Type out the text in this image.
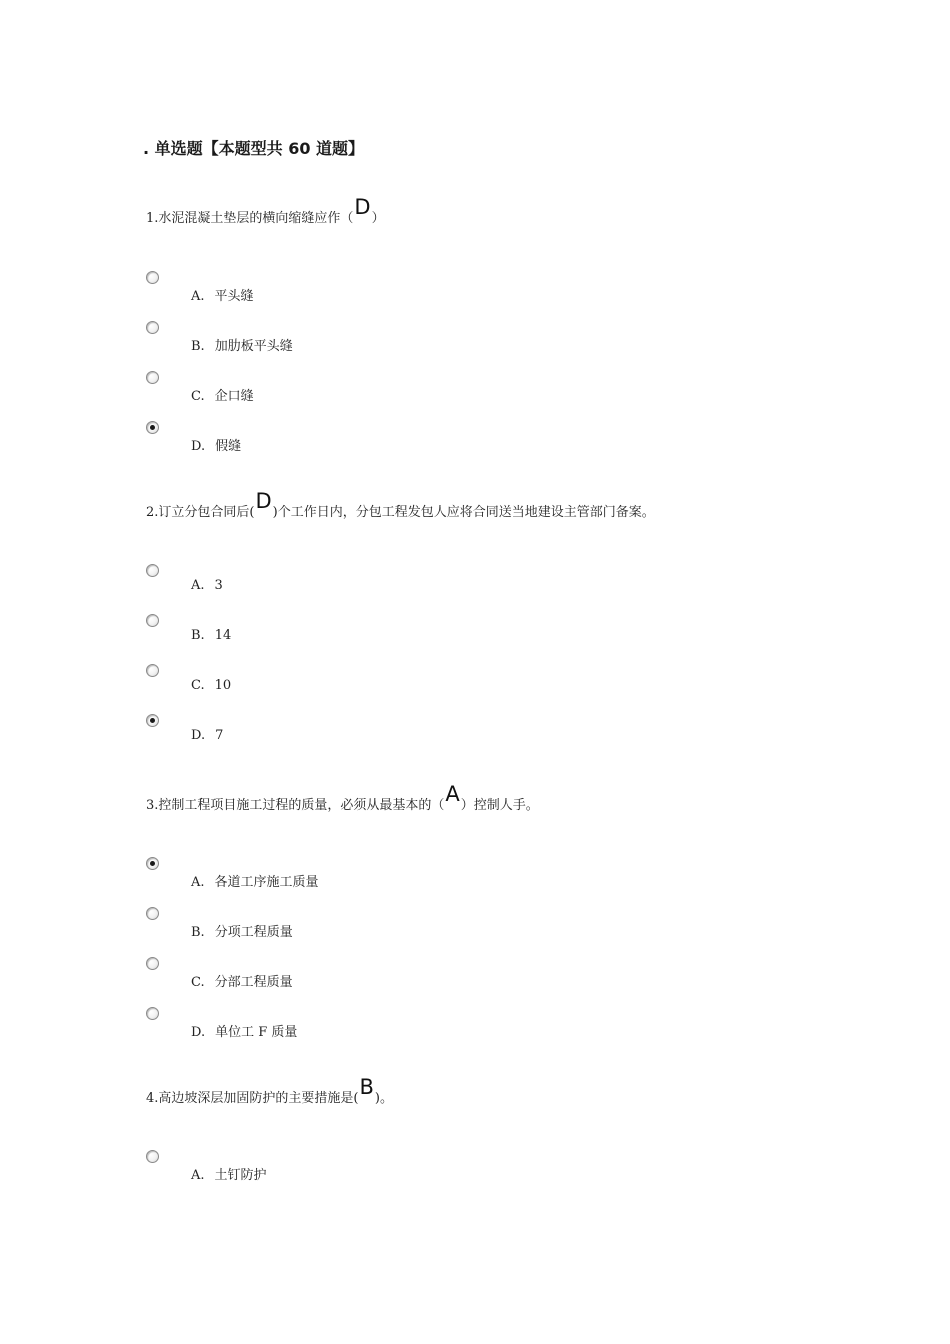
. 单选题【本题型共 60 道题】
1.水泥混凝土垫层的横向缩缝应作（D）
A. 平头缝
B. 加肋板平头缝
C. 企口缝
D. 假缝
2.订立分包合同后(D)个工作日内，分包工程发包人应将合同送当地建设主管部门备案。
A. 3
B. 14
C. 10
D. 7
3.控制工程项目施工过程的质量，必须从最基本的（A）控制人手。
A. 各道工序施工质量
B. 分项工程质量
C. 分部工程质量
D. 单位工 F 质量
4.高边坡深层加固防护的主要措施是(B)。
A. 土钉防护
